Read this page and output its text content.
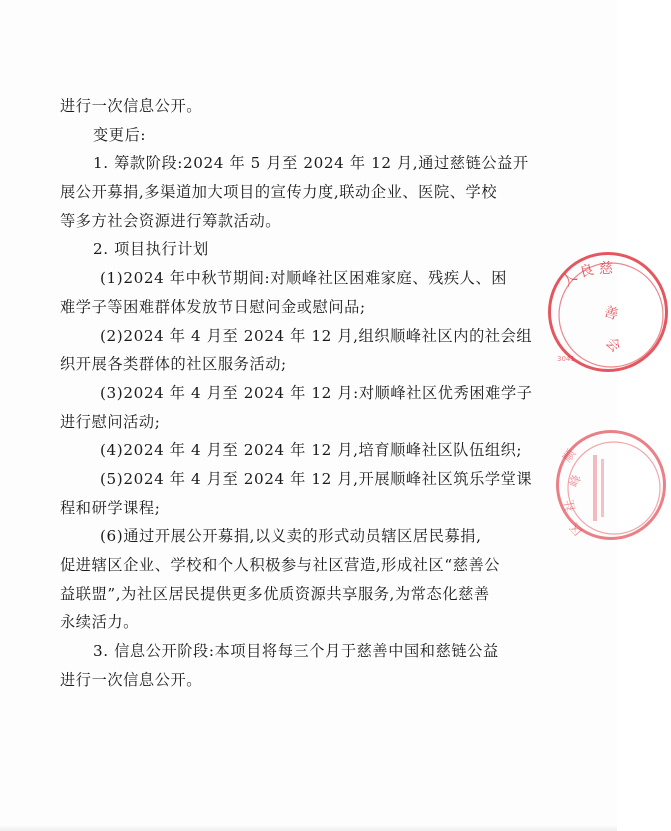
进行一次信息公开。
变更后:
1. 筹款阶段:2024 年 5 月至 2024 年 12 月,通过慈链公益开
展公开募捐,多渠道加大项目的宣传力度,联动企业、医院、学校
等多方社会资源进行筹款活动。
2. 项目执行计划
(1)2024 年中秋节期间:对顺峰社区困难家庭、残疾人、困
难学子等困难群体发放节日慰问金或慰问品;
(2)2024 年 4 月至 2024 年 12 月,组织顺峰社区内的社会组
织开展各类群体的社区服务活动;
(3)2024 年 4 月至 2024 年 12 月:对顺峰社区优秀困难学子
进行慰问活动;
(4)2024 年 4 月至 2024 年 12 月,培育顺峰社区队伍组织;
(5)2024 年 4 月至 2024 年 12 月,开展顺峰社区筑乐学堂课
程和研学课程;
(6)通过开展公开募捐,以义卖的形式动员辖区居民募捐,
促进辖区企业、学校和个人积极参与社区营造,形成社区“慈善公
益联盟”,为社区居民提供更多优质资源共享服务,为常态化慈善
永续活力。
3. 信息公开阶段:本项目将每三个月于慈善中国和慈链公益
进行一次信息公开。
人
良 慈
善
会
3041
顺
峰
社
区
